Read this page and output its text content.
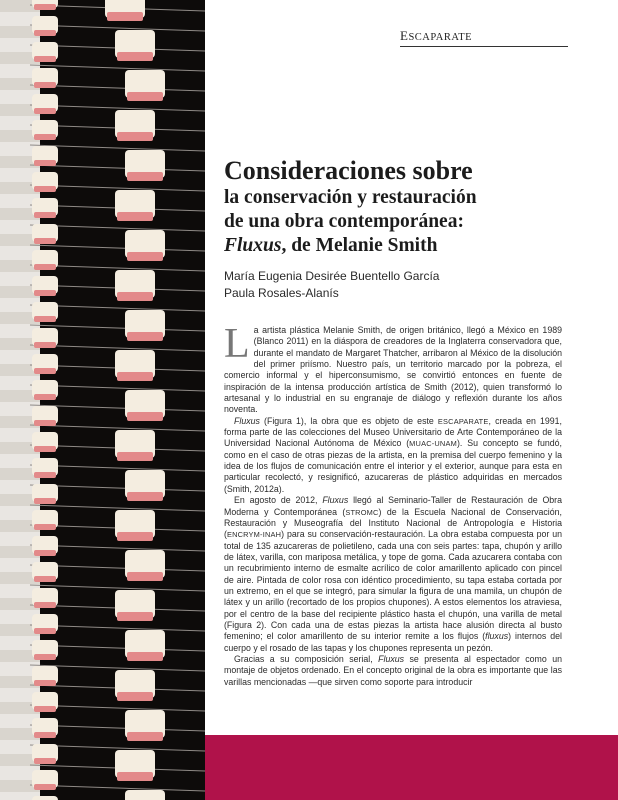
ESCAPARATE
Consideraciones sobre
la conservación y restauración
de una obra contemporánea:
Fluxus, de Melanie Smith
María Eugenia Desirée Buentello García
Paula Rosales-Alanís

La artista plástica Melanie Smith, de origen británico, llegó a México en 1989 (Blanco 2011) en la diáspora de creadores de la Inglaterra conservadora que, durante el mandato de Margaret Thatcher, arribaron al México de la disolución del primer priísmo. Nuestro país, un territorio marcado por la pobreza, el comercio informal y el hiperconsumismo, se convirtió entonces en fuente de inspiración de la intensa producción artística de Smith (2012), quien transformó lo artesanal y lo industrial en su engranaje de diálogo y reflexión durante los años noventa.

Fluxus (Figura 1), la obra que es objeto de este ESCAPARATE, creada en 1991, forma parte de las colecciones del Museo Universitario de Arte Contemporáneo de la Universidad Nacional Autónoma de México (MUAC-UNAM). Su concepto se fundó, como en el caso de otras piezas de la artista, en la premisa del cuerpo femenino y la idea de los flujos de comunicación entre el interior y el exterior, aunque para esta en particular recolectó, y resignificó, azucareras de plástico adquiridas en mercados (Smith, 2012a).

En agosto de 2012, Fluxus llegó al Seminario-Taller de Restauración de Obra Moderna y Contemporánea (STROMC) de la Escuela Nacional de Conservación, Restauración y Museografía del Instituto Nacional de Antropología e Historia (ENCRYM-INAH) para su conservación-restauración. La obra estaba compuesta por un total de 135 azucareras de polietileno, cada una con seis partes: tapa, chupón y arillo de látex, varilla, con mariposa metálica, y tope de goma. Cada azucarera contaba con un recubrimiento interno de esmalte acrílico de color amarillento aplicado con pincel de aire. Pintada de color rosa con idéntico procedimiento, su tapa estaba cortada por un extremo, en el que se integró, para simular la figura de una mamila, un chupón de látex y un arillo (recortado de los propios chupones). A estos elementos los atraviesa, por el centro de la base del recipiente plástico hasta el chupón, una varilla de metal (Figura 2). Con cada una de estas piezas la artista hace alusión directa al busto femenino; el color amarillento de su interior remite a los flujos (fluxus) internos del cuerpo y el rosado de las tapas y los chupones representa un pezón.

Gracias a su composición serial, Fluxus se presenta al espectador como un montaje de objetos ordenado. En el concepto original de la obra es importante que las varillas mencionadas —que sirven como soporte para introducir
